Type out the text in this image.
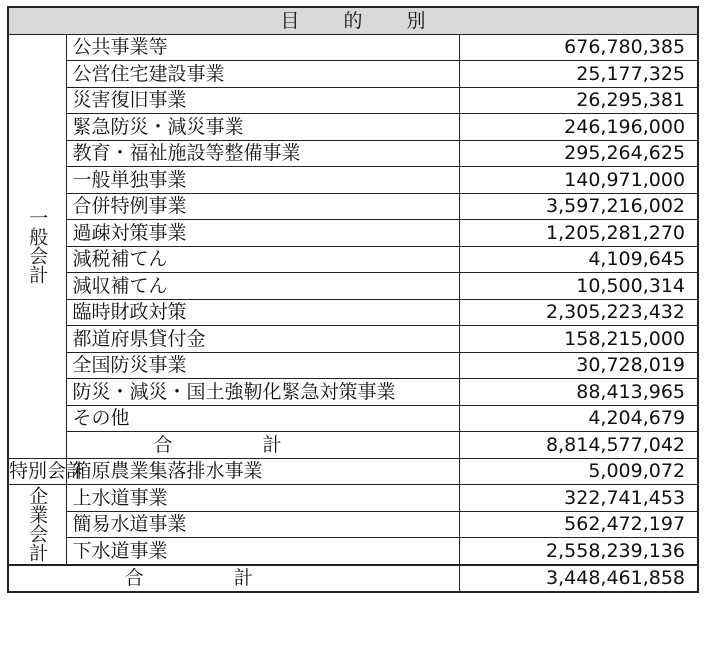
目的別		
一般会計	公共事業等	676,780,385
	公営住宅建設事業	25,177,325
	災害復旧事業	26,295,381
	緊急防災・減災事業	246,196,000
	教育・福祉施設等整備事業	295,264,625
	一般単独事業	140,971,000
	合併特例事業	3,597,216,002
	過疎対策事業	1,205,281,270
	減税補てん	4,109,645
	減収補てん	10,500,314
	臨時財政対策	2,305,223,432
	都道府県貸付金	158,215,000
	全国防災事業	30,728,019
	防災・減災・国土強靭化緊急対策事業	88,413,965
	その他	4,204,679
	合計	8,814,577,042
特別会計	箱原農業集落排水事業	5,009,072
企業会計	上水道事業	322,741,453
	簡易水道事業	562,472,197
	下水道事業	2,558,239,136
合計		3,448,461,858
